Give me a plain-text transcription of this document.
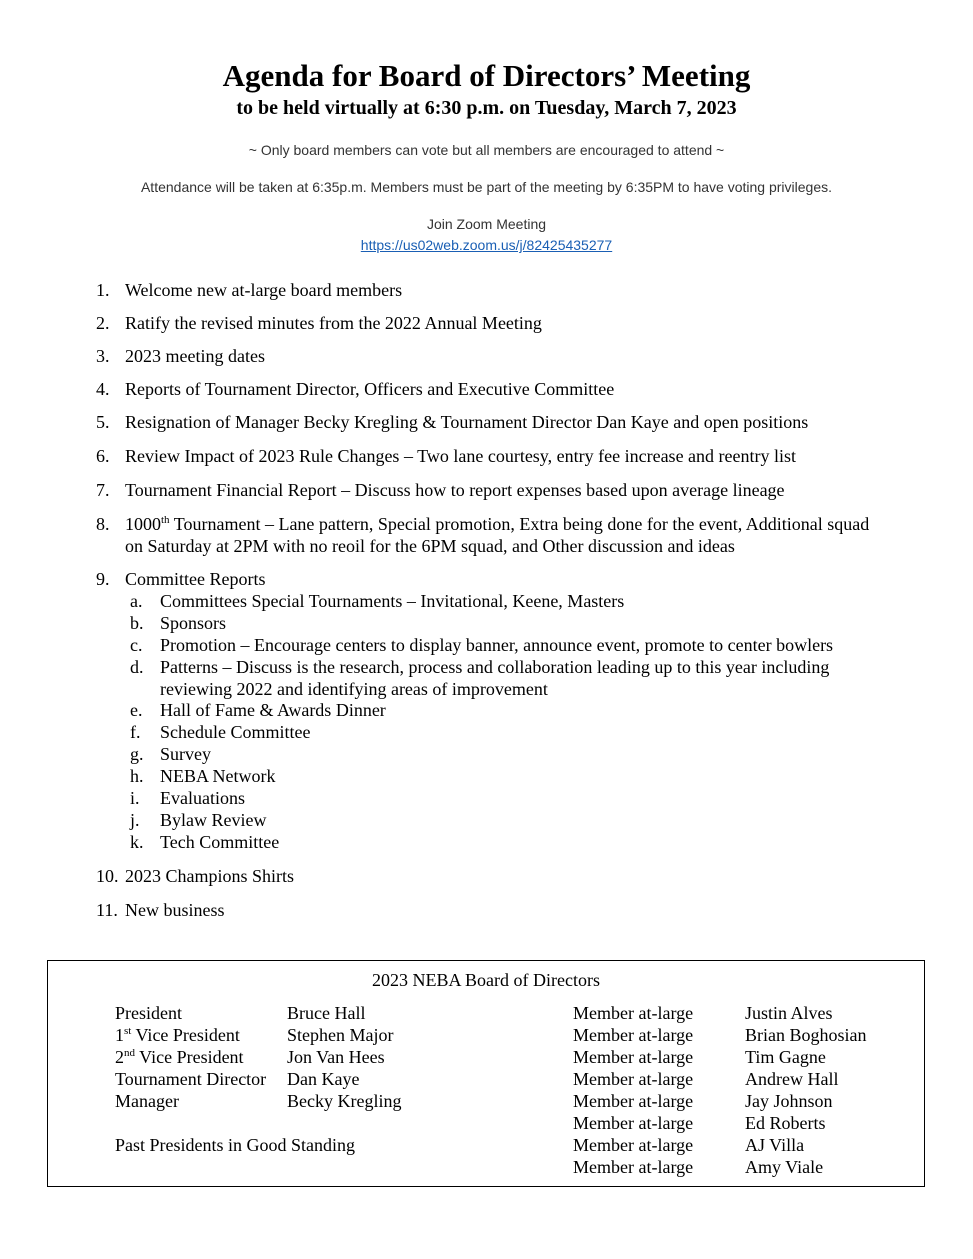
Agenda for Board of Directors’ Meeting
to be held virtually at 6:30 p.m. on Tuesday, March 7, 2023
~ Only board members can vote but all members are encouraged to attend ~
Attendance will be taken at 6:35p.m. Members must be part of the meeting by 6:35PM to have voting privileges.
Join Zoom Meeting
https://us02web.zoom.us/j/82425435277
1. Welcome new at-large board members
2. Ratify the revised minutes from the 2022 Annual Meeting
3. 2023 meeting dates
4. Reports of Tournament Director, Officers and Executive Committee
5. Resignation of Manager Becky Kregling & Tournament Director Dan Kaye and open positions
6. Review Impact of 2023 Rule Changes – Two lane courtesy, entry fee increase and reentry list
7. Tournament Financial Report – Discuss how to report expenses based upon average lineage
8. 1000th Tournament – Lane pattern, Special promotion, Extra being done for the event, Additional squad on Saturday at 2PM with no reoil for the 6PM squad, and Other discussion and ideas
9. Committee Reports
a. Committees Special Tournaments – Invitational, Keene, Masters
b. Sponsors
c. Promotion – Encourage centers to display banner, announce event, promote to center bowlers
d. Patterns – Discuss is the research, process and collaboration leading up to this year including reviewing 2022 and identifying areas of improvement
e. Hall of Fame & Awards Dinner
f. Schedule Committee
g. Survey
h. NEBA Network
i. Evaluations
j. Bylaw Review
k. Tech Committee
10. 2023 Champions Shirts
11. New business
2023 NEBA Board of Directors
President	Bruce Hall
1st Vice President	Stephen Major
2nd Vice President Jon Van Hees
Tournament Director Dan Kaye
Manager	Becky Kregling
Past Presidents in Good Standing
Member at-large	Justin Alves
Member at-large	Brian Boghosian
Member at-large	Tim Gagne
Member at-large	Andrew Hall
Member at-large	Jay Johnson
Member at-large	Ed Roberts
Member at-large	AJ Villa
Member at-large	Amy Viale
